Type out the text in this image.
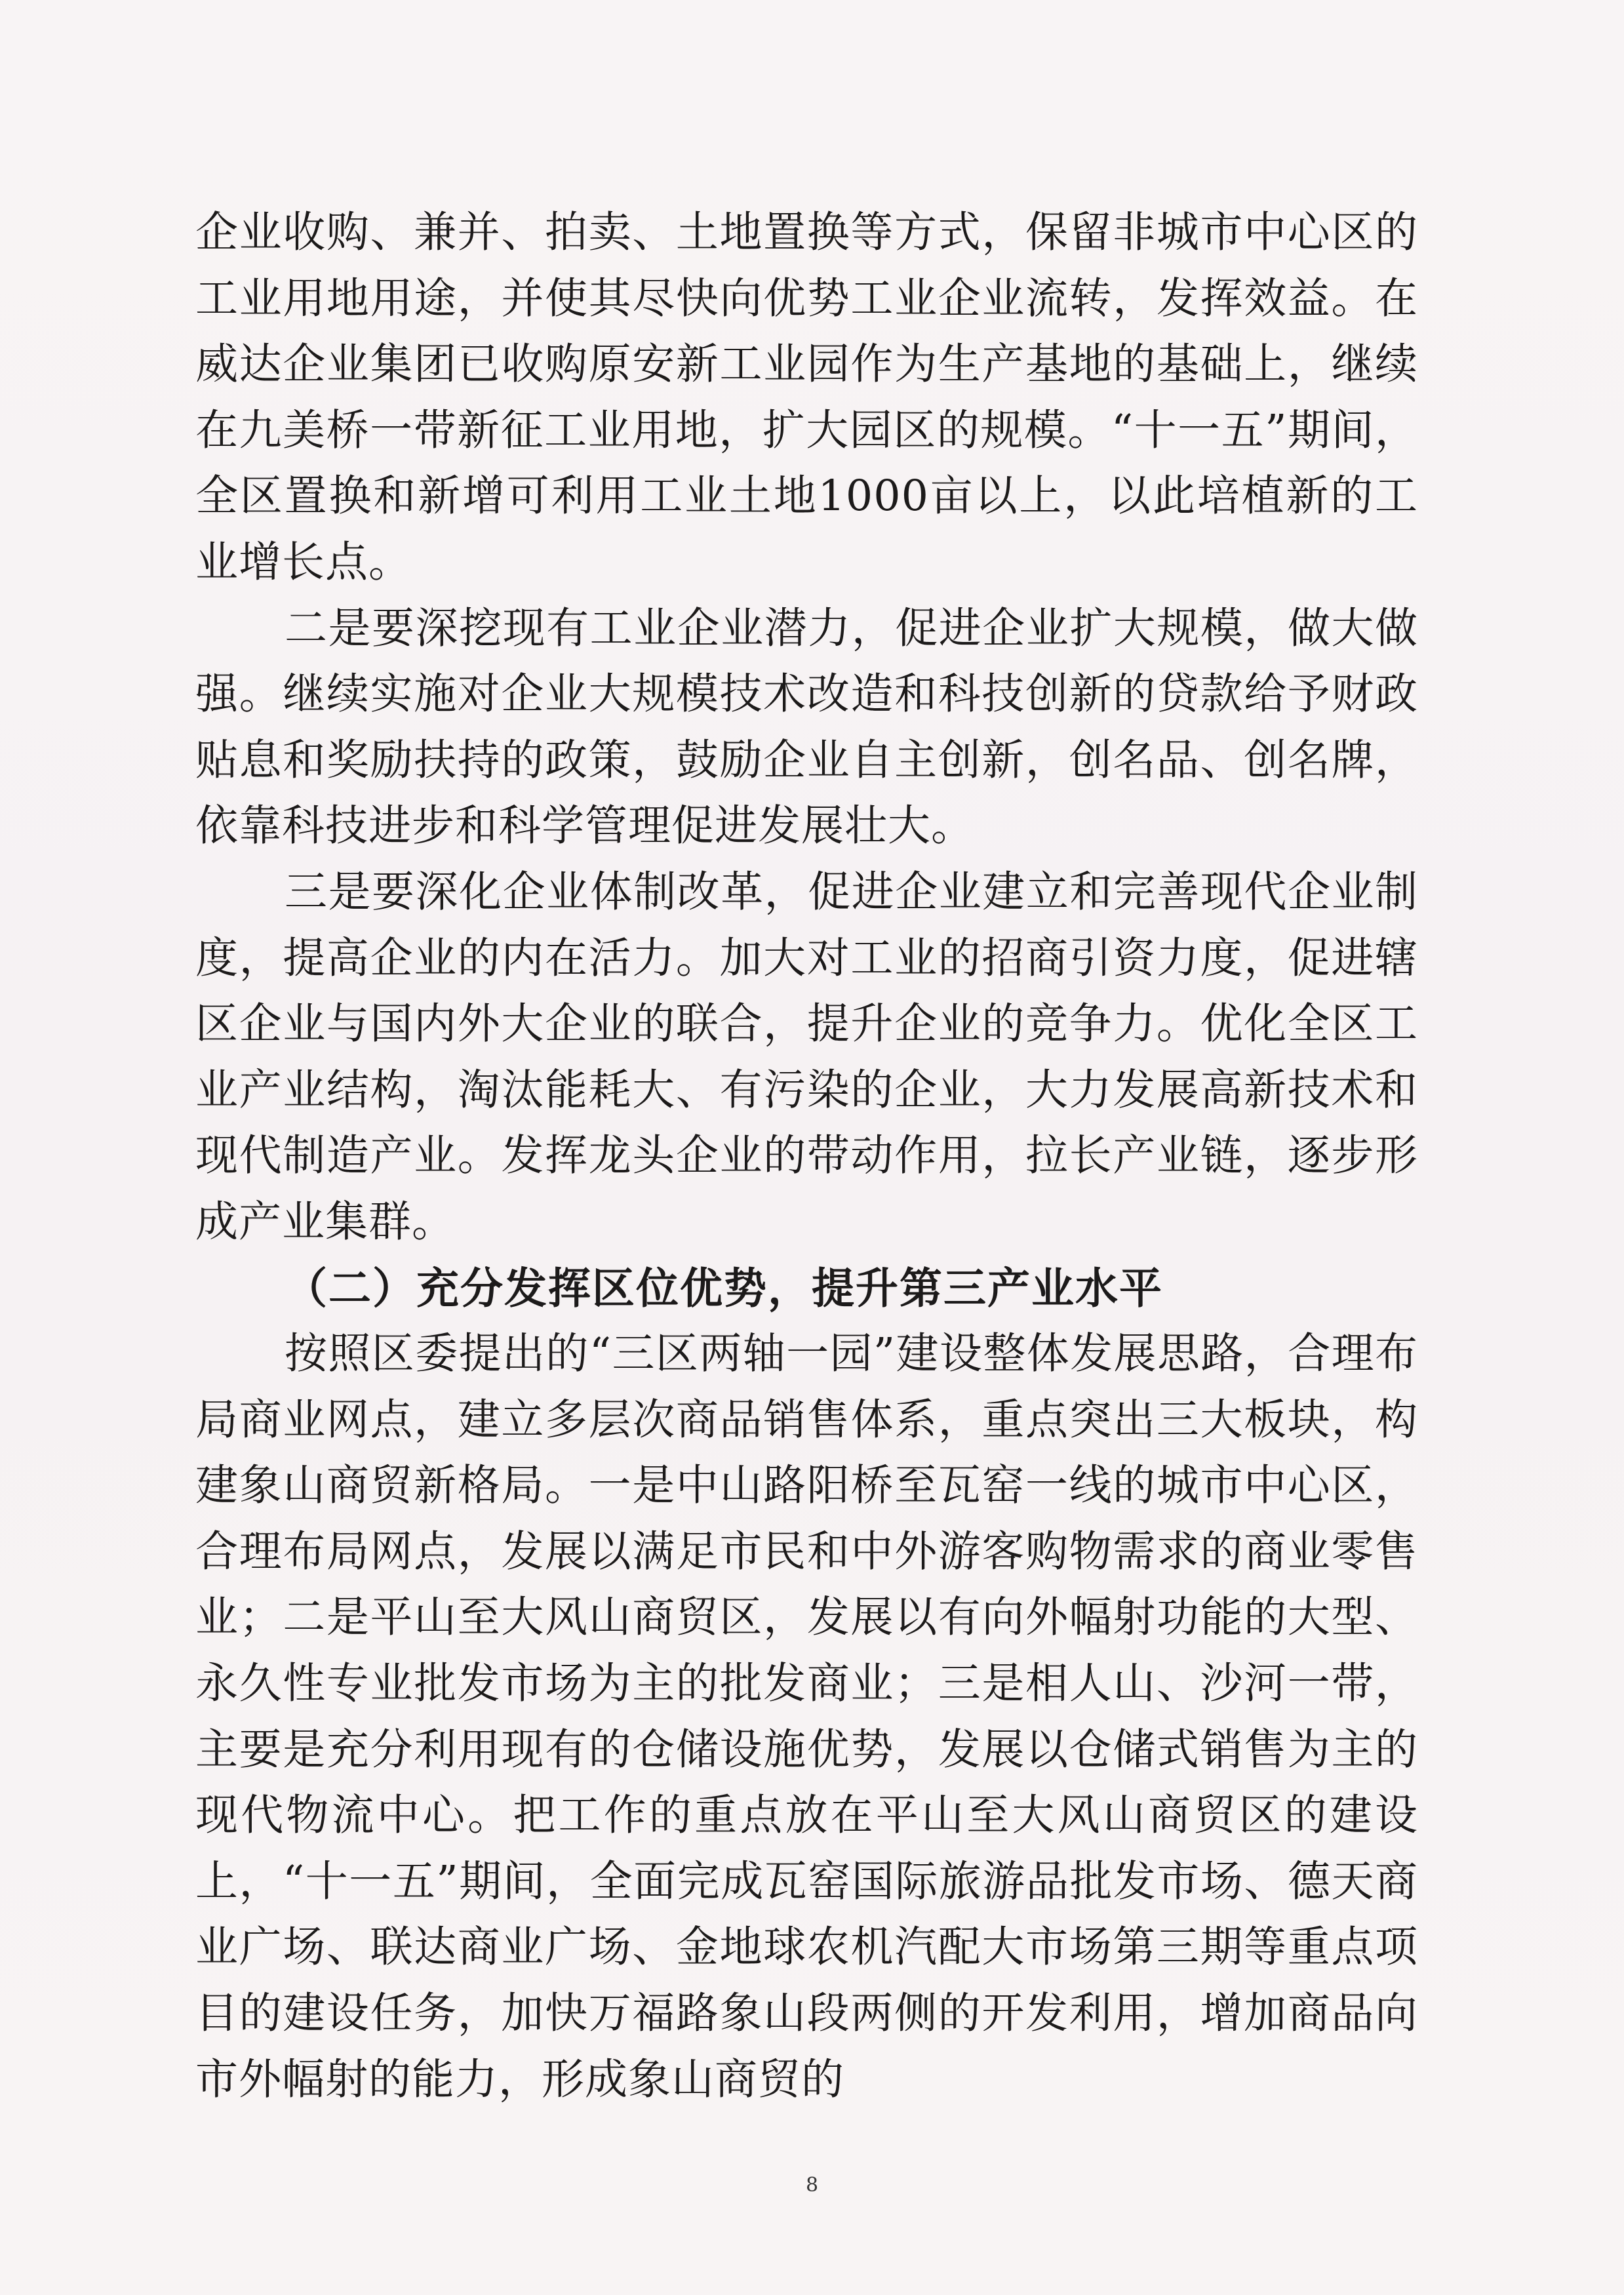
企业收购、兼并、拍卖、土地置换等方式，保留非城市中心区的工业用地用途，并使其尽快向优势工业企业流转，发挥效益。在威达企业集团已收购原安新工业园作为生产基地的基础上，继续在九美桥一带新征工业用地，扩大园区的规模。“十一五”期间，全区置换和新增可利用工业土地1000亩以上，以此培植新的工业增长点。

二是要深挖现有工业企业潜力，促进企业扩大规模，做大做强。继续实施对企业大规模技术改造和科技创新的贷款给予财政贴息和奖励扶持的政策，鼓励企业自主创新，创名品、创名牌，依靠科技进步和科学管理促进发展壮大。

三是要深化企业体制改革，促进企业建立和完善现代企业制度，提高企业的内在活力。加大对工业的招商引资力度，促进辖区企业与国内外大企业的联合，提升企业的竞争力。优化全区工业产业结构，淘汰能耗大、有污染的企业，大力发展高新技术和现代制造产业。发挥龙头企业的带动作用，拉长产业链，逐步形成产业集群。

（二）充分发挥区位优势，提升第三产业水平

按照区委提出的“三区两轴一园”建设整体发展思路，合理布局商业网点，建立多层次商品销售体系，重点突出三大板块，构建象山商贸新格局。一是中山路阳桥至瓦窑一线的城市中心区，合理布局网点，发展以满足市民和中外游客购物需求的商业零售业；二是平山至大风山商贸区，发展以有向外幅射功能的大型、永久性专业批发市场为主的批发商业；三是相人山、沙河一带，主要是充分利用现有的仓储设施优势，发展以仓储式销售为主的现代物流中心。把工作的重点放在平山至大风山商贸区的建设上，“十一五”期间，全面完成瓦窑国际旅游品批发市场、德天商业广场、联达商业广场、金地球农机汽配大市场第三期等重点项目的建设任务，加快万福路象山段两侧的开发利用，增加商品向市外幅射的能力，形成象山商贸的

8
